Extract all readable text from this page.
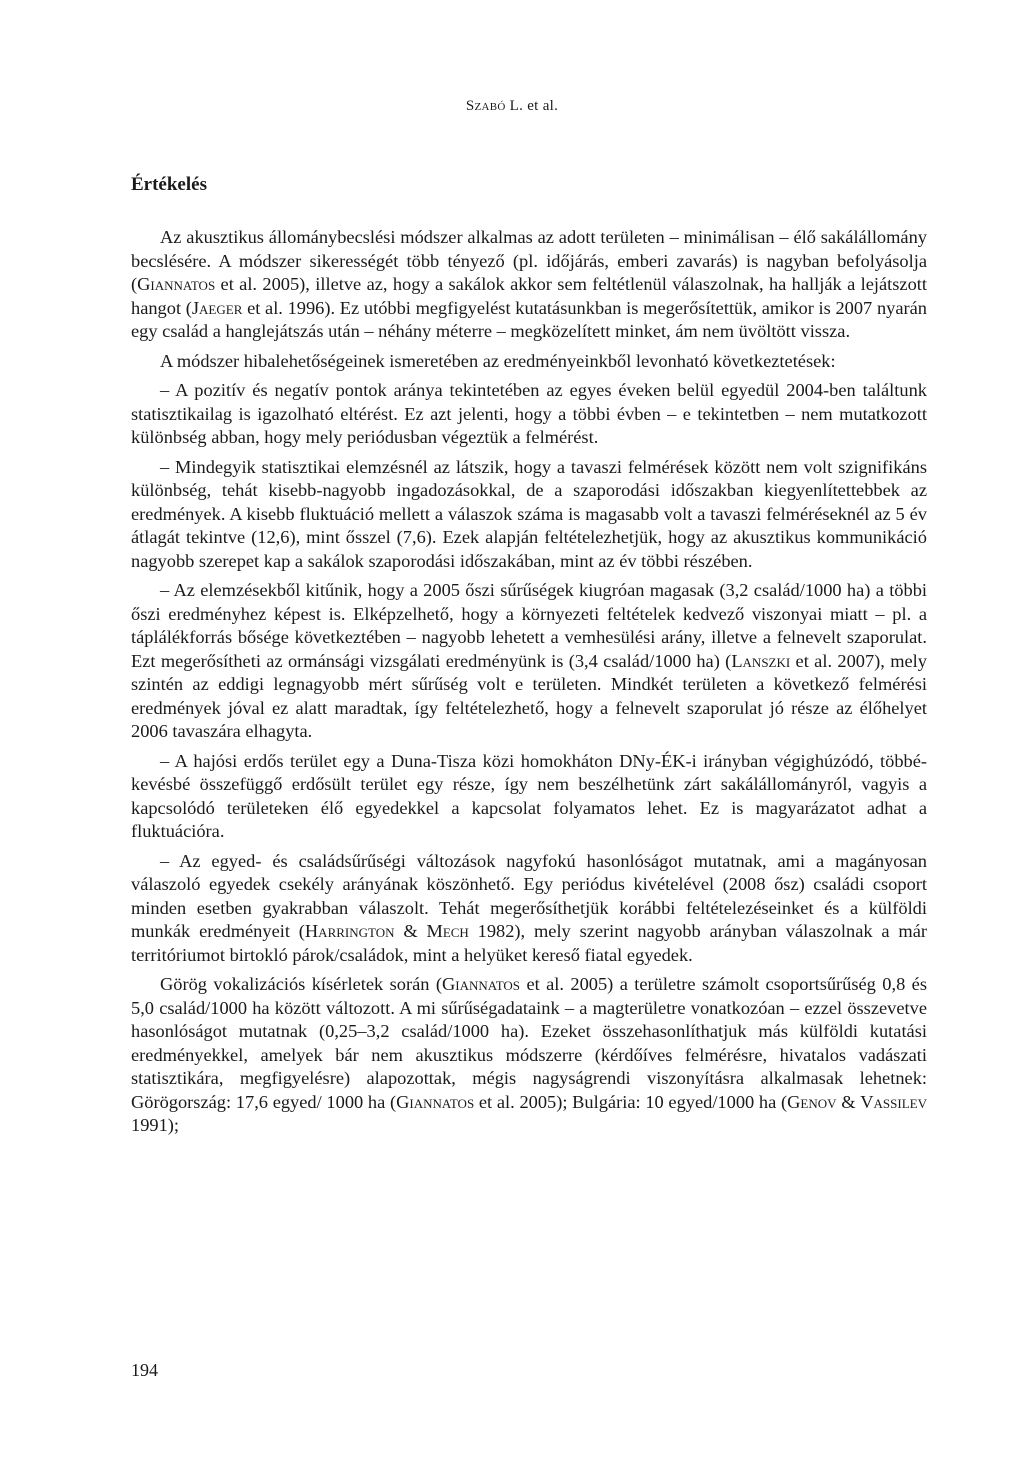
Szabó L. et al.
Értékelés

Az akusztikus állománybecslési módszer alkalmas az adott területen – minimálisan – élő sakálállomány becslésére. A módszer sikerességét több tényező (pl. időjárás, emberi zavarás) is nagyban befolyásolja (Giannatos et al. 2005), illetve az, hogy a sakálok akkor sem feltétlenül válaszolnak, ha hallják a lejátszott hangot (Jaeger et al. 1996). Ez utóbbi megfigyelést kutatásunkban is megerősítettük, amikor is 2007 nyarán egy család a hanglejátszás után – néhány méterre – megközelített minket, ám nem üvöltött vissza.

A módszer hibalehetőségeinek ismeretében az eredményeinkből levonható következtetések:

– A pozitív és negatív pontok aránya tekintetében az egyes éveken belül egyedül 2004-ben találtunk statisztikailag is igazolható eltérést. Ez azt jelenti, hogy a többi évben – e tekintetben – nem mutatkozott különbség abban, hogy mely periódusban végeztük a felmérést.

– Mindegyik statisztikai elemzésnél az látszik, hogy a tavaszi felmérések között nem volt szignifikáns különbség, tehát kisebb-nagyobb ingadozásokkal, de a szaporodási időszakban kiegyenlítettebbek az eredmények. A kisebb fluktuáció mellett a válaszok száma is magasabb volt a tavaszi felméréseknél az 5 év átlagát tekintve (12,6), mint ősszel (7,6). Ezek alapján feltételezhetjük, hogy az akusztikus kommunikáció nagyobb szerepet kap a sakálok szaporodási időszakában, mint az év többi részében.

– Az elemzésekből kitűnik, hogy a 2005 őszi sűrűségek kiugróan magasak (3,2 család/1000 ha) a többi őszi eredményhez képest is. Elképzelhető, hogy a környezeti feltételek kedvező viszonyai miatt – pl. a táplálékforrás bősége következtében – nagyobb lehetett a vemhesülési arány, illetve a felnevelt szaporulat. Ezt megerősítheti az ormánsági vizsgálati eredményünk is (3,4 család/1000 ha) (Lanszki et al. 2007), mely szintén az eddigi legnagyobb mért sűrűség volt e területen. Mindkét területen a következő felmérési eredmények jóval ez alatt maradtak, így feltételezhető, hogy a felnevelt szaporulat jó része az élőhelyet 2006 tavaszára elhagyta.

– A hajósi erdős terület egy a Duna-Tisza közi homokháton DNy-ÉK-i irányban végighúzódó, többé-kevésbé összefüggő erdősült terület egy része, így nem beszélhetünk zárt sakálállományról, vagyis a kapcsolódó területeken élő egyedekkel a kapcsolat folyamatos lehet. Ez is magyarázatot adhat a fluktuációra.

– Az egyed- és családsűrűségi változások nagyfokú hasonlóságot mutatnak, ami a magányosan válaszoló egyedek csekély arányának köszönhető. Egy periódus kivételével (2008 ősz) családi csoport minden esetben gyakrabban válaszolt. Tehát megerősíthetjük korábbi feltételezéseinket és a külföldi munkák eredményeit (Harrington & Mech 1982), mely szerint nagyobb arányban válaszolnak a már territóriumot birtokló párok/családok, mint a helyüket kereső fiatal egyedek.

Görög vokalizációs kísérletek során (Giannatos et al. 2005) a területre számolt csoportsűrűség 0,8 és 5,0 család/1000 ha között változott. A mi sűrűségadataink – a magterületre vonatkozóan – ezzel összevetve hasonlóságot mutatnak (0,25–3,2 család/1000 ha). Ezeket összehasonlíthatjuk más külföldi kutatási eredményekkel, amelyek bár nem akusztikus módszerre (kérdőíves felmérésre, hivatalos vadászati statisztikára, megfigyelésre) alapozottak, mégis nagyságrendi viszonyításra alkalmasak lehetnek: Görögország: 17,6 egyed/ 1000 ha (Giannatos et al. 2005); Bulgária: 10 egyed/1000 ha (Genov & Vassilev 1991);

194
